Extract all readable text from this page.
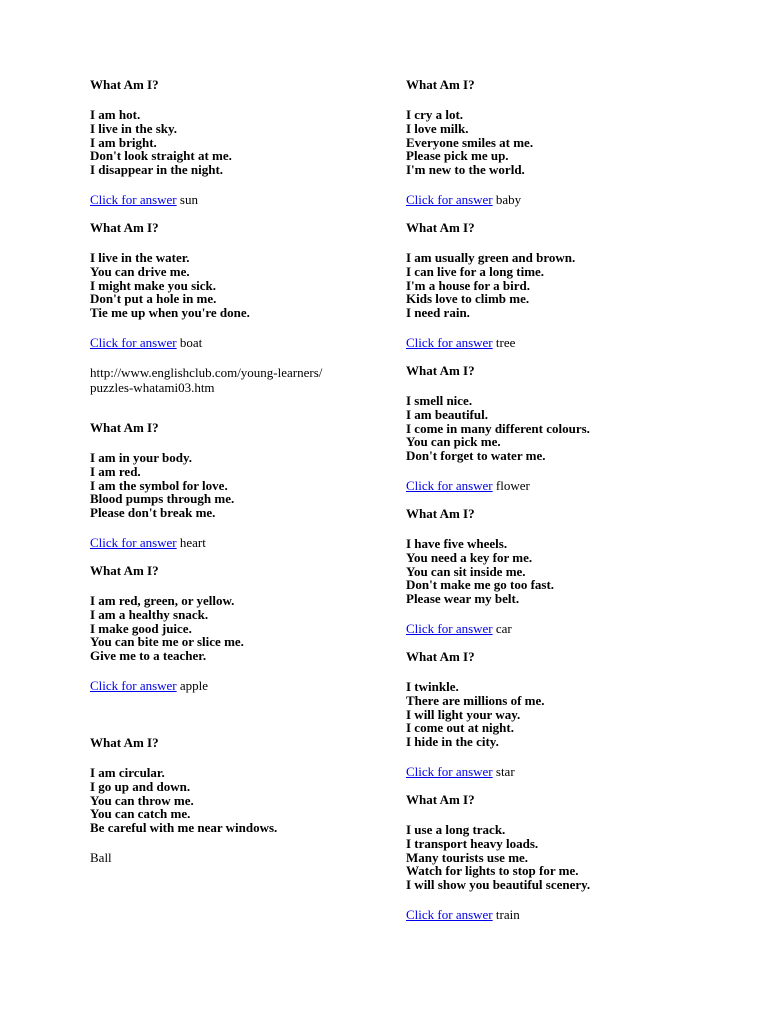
What Am I?
I am hot.
I live in the sky.
I am bright.
Don't look straight at me.
I disappear in the night.
Click for answer sun
What Am I?
I live in the water.
You can drive me.
I might make you sick.
Don't put a hole in me.
Tie me up when you're done.
Click for answer boat
http://www.englishclub.com/young-learners/
puzzles-whatami03.htm
What Am I?
I am in your body.
I am red.
I am the symbol for love.
Blood pumps through me.
Please don't break me.
Click for answer heart
What Am I?
I am red, green, or yellow.
I am a healthy snack.
I make good juice.
You can bite me or slice me.
Give me to a teacher.
Click for answer apple
What Am I?
I am circular.
I go up and down.
You can throw me.
You can catch me.
Be careful with me near windows.
Ball
What Am I?
I cry a lot.
I love milk.
Everyone smiles at me.
Please pick me up.
I'm new to the world.
Click for answer baby
What Am I?
I am usually green and brown.
I can live for a long time.
I'm a house for a bird.
Kids love to climb me.
I need rain.
Click for answer tree
What Am I?
I smell nice.
I am beautiful.
I come in many different colours.
You can pick me.
Don't forget to water me.
Click for answer flower
What Am I?
I have five wheels.
You need a key for me.
You can sit inside me.
Don't make me go too fast.
Please wear my belt.
Click for answer car
What Am I?
I twinkle.
There are millions of me.
I will light your way.
I come out at night.
I hide in the city.
Click for answer star
What Am I?
I use a long track.
I transport heavy loads.
Many tourists use me.
Watch for lights to stop for me.
I will show you beautiful scenery.
Click for answer train
